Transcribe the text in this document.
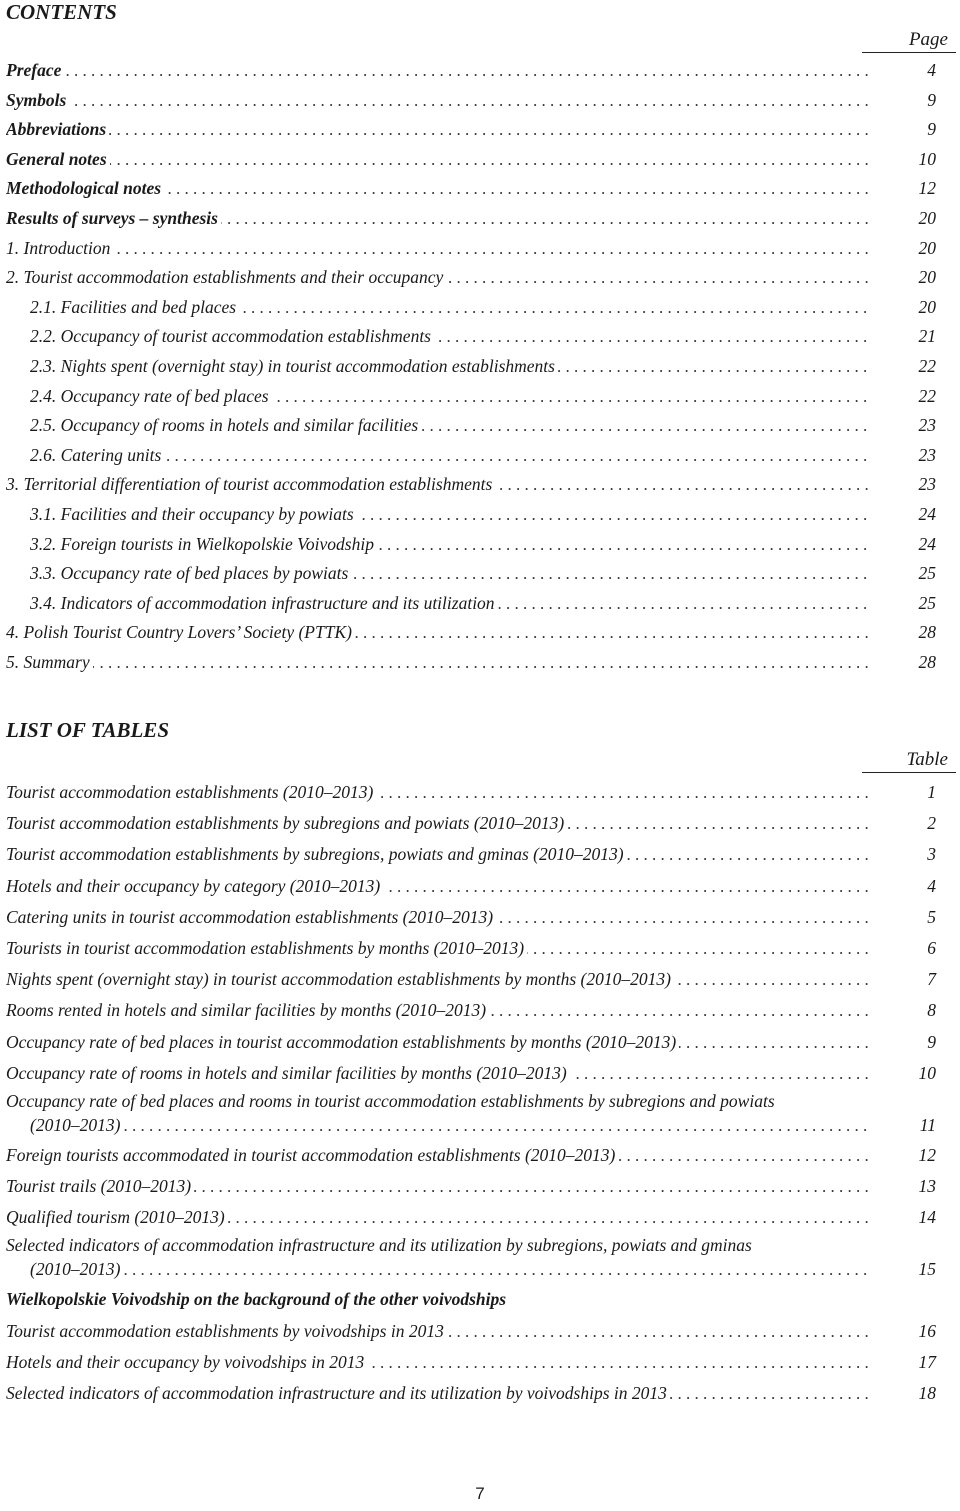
CONTENTS
Page
Preface . . .	4
Symbols . . .	9
Abbreviations . . .	9
General notes . . .	10
Methodological notes . . .	12
Results of surveys – synthesis . . .	20
1. Introduction . . .	20
2. Tourist accommodation establishments and their occupancy . . .	20
2.1. Facilities and bed places . . .	20
2.2. Occupancy of tourist accommodation establishments . . .	21
2.3. Nights spent (overnight stay) in tourist accommodation establishments . . .	22
2.4. Occupancy rate of bed places . . .	22
2.5. Occupancy of rooms in hotels and similar facilities . . .	23
2.6. Catering units . . .	23
3. Territorial differentiation of tourist accommodation establishments . . .	23
3.1. Facilities and their occupancy by powiats . . .	24
3.2. Foreign tourists in Wielkopolskie Voivodship . . .	24
3.3. Occupancy rate of bed places by powiats . . .	25
3.4. Indicators of accommodation infrastructure and its utilization . . .	25
4. Polish Tourist Country Lovers’ Society (PTTK) . . .	28
5. Summary . . .	28
LIST OF TABLES
Table
Tourist accommodation establishments (2010–2013) . . .	1
Tourist accommodation establishments by subregions and powiats (2010–2013) . . .	2
Tourist accommodation establishments by subregions, powiats and gminas (2010–2013) . . .	3
Hotels and their occupancy by category (2010–2013) . . .	4
Catering units in tourist accommodation establishments (2010–2013) . . .	5
Tourists in tourist accommodation establishments by months (2010–2013) . . .	6
Nights spent (overnight stay) in tourist accommodation establishments by months (2010–2013) . . .	7
Rooms rented in hotels and similar facilities by months (2010–2013) . . .	8
Occupancy rate of bed places in tourist accommodation establishments by months (2010–2013) . . .	9
Occupancy rate of rooms in hotels and similar facilities by months (2010–2013) . . .	10
Occupancy rate of bed places and rooms in tourist accommodation establishments by subregions and powiats
(2010–2013) . . .	11
Foreign tourists accommodated in tourist accommodation establishments (2010–2013) . . .	12
Tourist trails (2010–2013) . . .	13
Qualified tourism (2010–2013) . . .	14
Selected indicators of accommodation infrastructure and its utilization by subregions, powiats and gminas
(2010–2013) . . .	15
Wielkopolskie Voivodship on the background of the other voivodships
Tourist accommodation establishments by voivodships in 2013 . . .	16
Hotels and their occupancy by voivodships in 2013 . . .	17
Selected indicators of accommodation infrastructure and its utilization by voivodships in 2013 . . .	18
7
